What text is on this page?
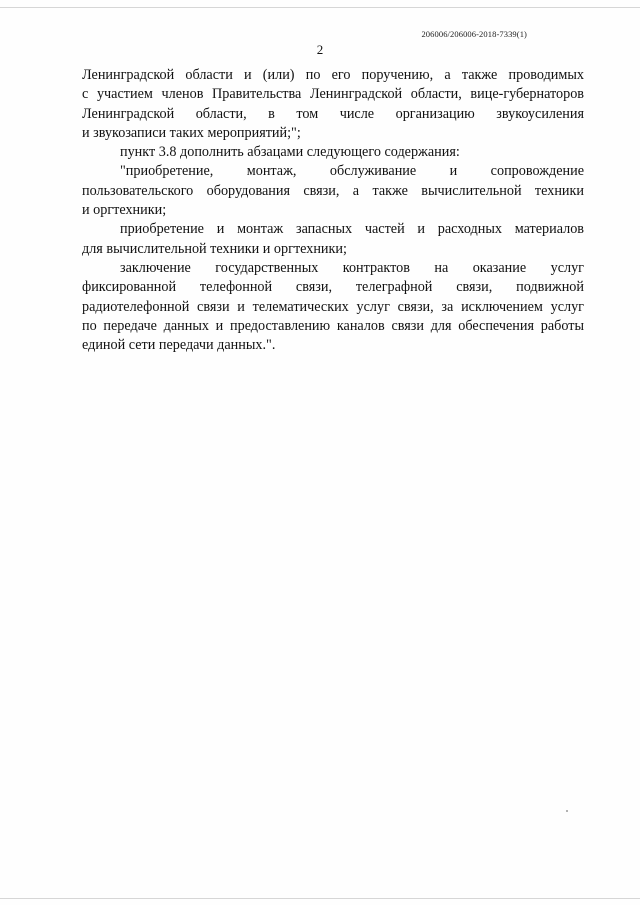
206006/206006-2018-7339(1)
2
Ленинградской области и (или) по его поручению, а также проводимых
с участием членов Правительства Ленинградской области, вице-губернаторов
Ленинградской области, в том числе организацию звукоусиления
и звукозаписи таких мероприятий;";
пункт 3.8 дополнить абзацами следующего содержания:
"приобретение, монтаж, обслуживание и сопровождение
пользовательского оборудования связи, а также вычислительной техники
и оргтехники;
приобретение и монтаж запасных частей и расходных материалов
для вычислительной техники и оргтехники;
заключение государственных контрактов на оказание услуг
фиксированной телефонной связи, телеграфной связи, подвижной
радиотелефонной связи и телематических услуг связи, за исключением услуг
по передаче данных и предоставлению каналов связи для обеспечения работы
единой сети передачи данных.".
